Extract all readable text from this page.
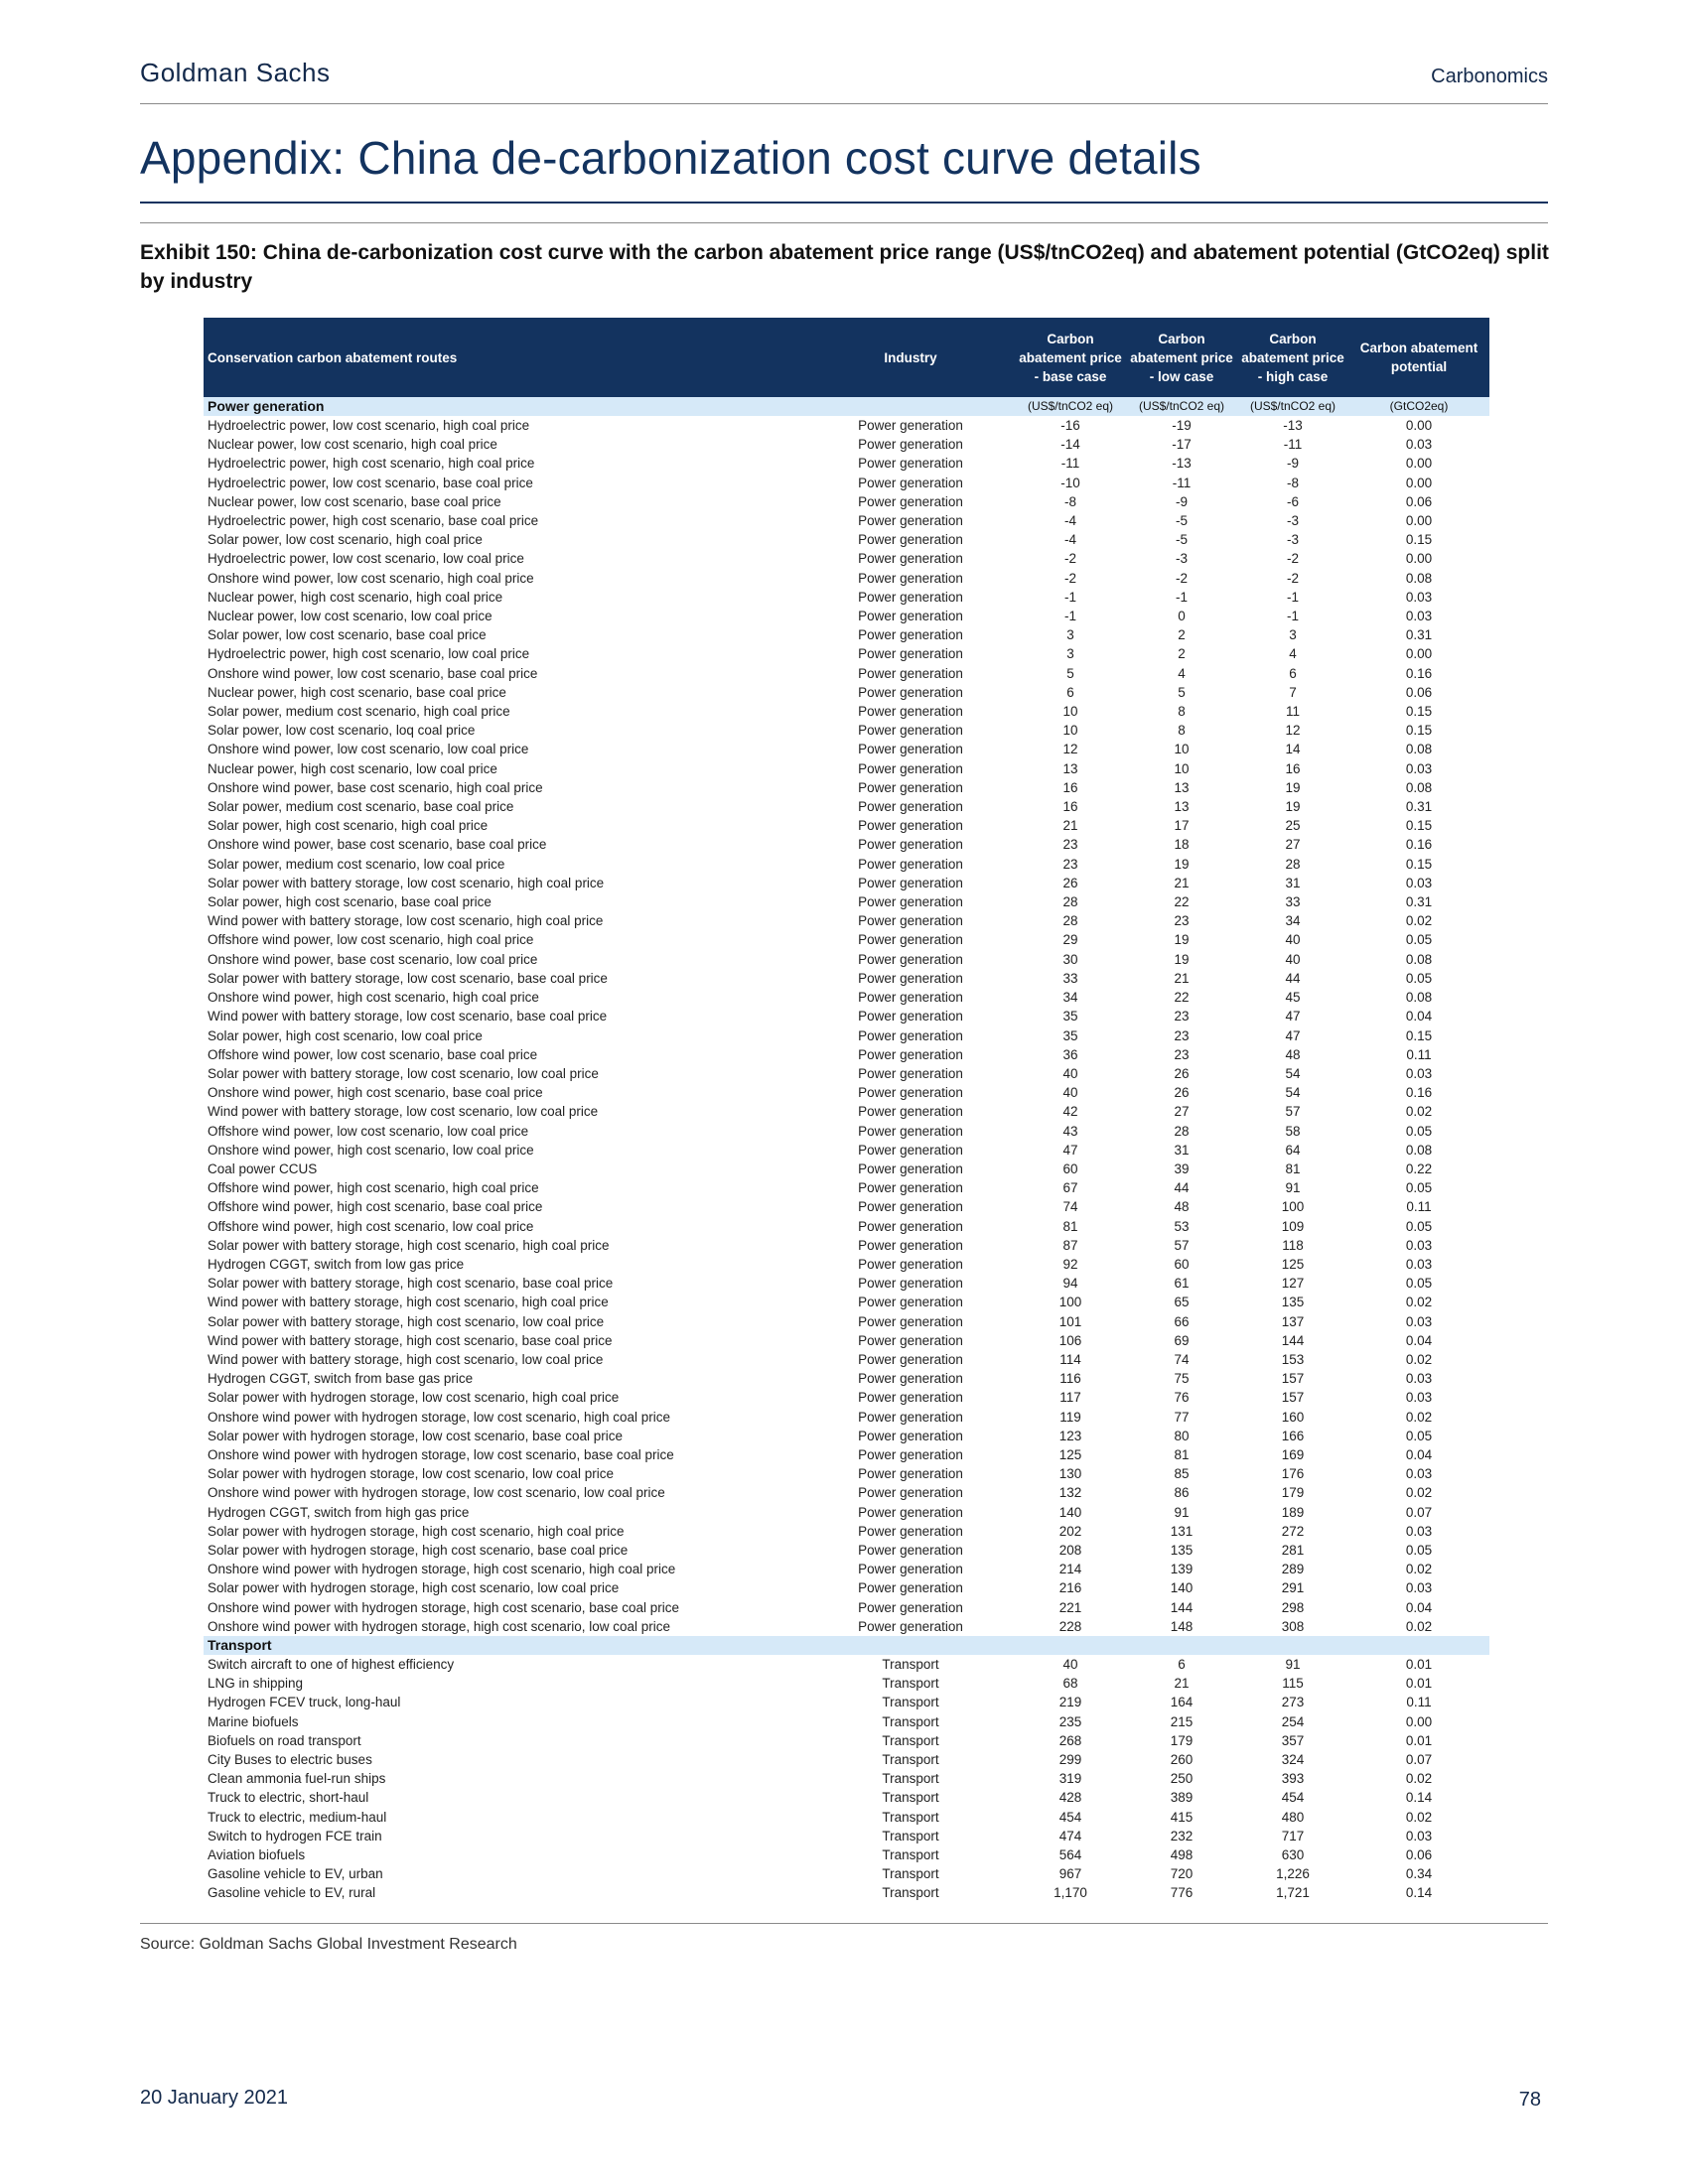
Goldman Sachs	Carbonomics
Appendix: China de-carbonization cost curve details
Exhibit 150: China de-carbonization cost curve with the carbon abatement price range (US$/tnCO2eq) and abatement potential (GtCO2eq) split by industry
Conservation carbon abatement routes	Industry	Carbon abatement price - base case	Carbon abatement price - low case	Carbon abatement price - high case	Carbon abatement potential
Power generation		(US$/tnCO2 eq)	(US$/tnCO2 eq)	(US$/tnCO2 eq)	(GtCO2eq)
Hydroelectric power, low cost scenario, high coal price	Power generation	-16	-19	-13	0.00
Nuclear power, low cost scenario, high coal price	Power generation	-14	-17	-11	0.03
Hydroelectric power, high cost scenario, high coal price	Power generation	-11	-13	-9	0.00
Hydroelectric power, low cost scenario, base coal price	Power generation	-10	-11	-8	0.00
Nuclear power, low cost scenario, base coal price	Power generation	-8	-9	-6	0.06
Hydroelectric power, high cost scenario, base coal price	Power generation	-4	-5	-3	0.00
Solar power, low cost scenario, high coal price	Power generation	-4	-5	-3	0.15
Hydroelectric power, low cost scenario, low coal price	Power generation	-2	-3	-2	0.00
Onshore wind power, low cost scenario, high coal price	Power generation	-2	-2	-2	0.08
Nuclear power, high cost scenario, high coal price	Power generation	-1	-1	-1	0.03
Nuclear power, low cost scenario, low coal price	Power generation	-1	0	-1	0.03
Solar power, low cost scenario, base coal price	Power generation	3	2	3	0.31
Hydroelectric power, high cost scenario, low coal price	Power generation	3	2	4	0.00
Onshore wind power, low cost scenario, base coal price	Power generation	5	4	6	0.16
Nuclear power, high cost scenario, base coal price	Power generation	6	5	7	0.06
Solar power, medium cost scenario, high coal price	Power generation	10	8	11	0.15
Solar power, low cost scenario, loq coal price	Power generation	10	8	12	0.15
Onshore wind power, low cost scenario, low coal price	Power generation	12	10	14	0.08
Nuclear power, high cost scenario, low coal price	Power generation	13	10	16	0.03
Onshore wind power, base cost scenario, high coal price	Power generation	16	13	19	0.08
Solar power, medium cost scenario, base coal price	Power generation	16	13	19	0.31
Solar power, high cost scenario, high coal price	Power generation	21	17	25	0.15
Onshore wind power, base cost scenario, base coal price	Power generation	23	18	27	0.16
Solar power, medium cost scenario, low coal price	Power generation	23	19	28	0.15
Solar power with battery storage, low cost scenario, high coal price	Power generation	26	21	31	0.03
Solar power, high cost scenario, base coal price	Power generation	28	22	33	0.31
Wind power with battery storage, low cost scenario, high coal price	Power generation	28	23	34	0.02
Offshore wind power, low cost scenario, high coal price	Power generation	29	19	40	0.05
Onshore wind power, base cost scenario, low coal price	Power generation	30	19	40	0.08
Solar power with battery storage, low cost scenario, base coal price	Power generation	33	21	44	0.05
Onshore wind power, high cost scenario, high coal price	Power generation	34	22	45	0.08
Wind power with battery storage, low cost scenario, base coal price	Power generation	35	23	47	0.04
Solar power, high cost scenario, low coal price	Power generation	35	23	47	0.15
Offshore wind power, low cost scenario, base coal price	Power generation	36	23	48	0.11
Solar power with battery storage, low cost scenario, low coal price	Power generation	40	26	54	0.03
Onshore wind power, high cost scenario, base coal price	Power generation	40	26	54	0.16
Wind power with battery storage, low cost scenario, low coal price	Power generation	42	27	57	0.02
Offshore wind power, low cost scenario, low coal price	Power generation	43	28	58	0.05
Onshore wind power, high cost scenario, low coal price	Power generation	47	31	64	0.08
Coal power CCUS	Power generation	60	39	81	0.22
Offshore wind power, high cost scenario, high coal price	Power generation	67	44	91	0.05
Offshore wind power, high cost scenario, base coal price	Power generation	74	48	100	0.11
Offshore wind power, high cost scenario, low coal price	Power generation	81	53	109	0.05
Solar power with battery storage, high cost scenario, high coal price	Power generation	87	57	118	0.03
Hydrogen CGGT, switch from low gas price	Power generation	92	60	125	0.03
Solar power with battery storage, high cost scenario, base coal price	Power generation	94	61	127	0.05
Wind power with battery storage, high cost scenario, high coal price	Power generation	100	65	135	0.02
Solar power with battery storage, high cost scenario, low coal price	Power generation	101	66	137	0.03
Wind power with battery storage, high cost scenario, base coal price	Power generation	106	69	144	0.04
Wind power with battery storage, high cost scenario, low coal price	Power generation	114	74	153	0.02
Hydrogen CGGT, switch from base gas price	Power generation	116	75	157	0.03
Solar power with hydrogen storage, low cost scenario, high coal price	Power generation	117	76	157	0.03
Onshore wind power with hydrogen storage, low cost scenario, high coal price	Power generation	119	77	160	0.02
Solar power with hydrogen storage, low cost scenario, base coal price	Power generation	123	80	166	0.05
Onshore wind power with hydrogen storage, low cost scenario, base coal price	Power generation	125	81	169	0.04
Solar power with hydrogen storage, low cost scenario, low coal price	Power generation	130	85	176	0.03
Onshore wind power with hydrogen storage, low cost scenario, low coal price	Power generation	132	86	179	0.02
Hydrogen CGGT, switch from high gas price	Power generation	140	91	189	0.07
Solar power with hydrogen storage, high cost scenario, high coal price	Power generation	202	131	272	0.03
Solar power with hydrogen storage, high cost scenario, base coal price	Power generation	208	135	281	0.05
Onshore wind power with hydrogen storage, high cost scenario, high coal price	Power generation	214	139	289	0.02
Solar power with hydrogen storage, high cost scenario, low coal price	Power generation	216	140	291	0.03
Onshore wind power with hydrogen storage, high cost scenario, base coal price	Power generation	221	144	298	0.04
Onshore wind power with hydrogen storage, high cost scenario, low coal price	Power generation	228	148	308	0.02
Transport					
Switch aircraft to one of highest efficiency	Transport	40	6	91	0.01
LNG in shipping	Transport	68	21	115	0.01
Hydrogen FCEV truck, long-haul	Transport	219	164	273	0.11
Marine biofuels	Transport	235	215	254	0.00
Biofuels on road transport	Transport	268	179	357	0.01
City Buses to electric buses	Transport	299	260	324	0.07
Clean ammonia fuel-run ships	Transport	319	250	393	0.02
Truck to electric, short-haul	Transport	428	389	454	0.14
Truck to electric, medium-haul	Transport	454	415	480	0.02
Switch to hydrogen FCE train	Transport	474	232	717	0.03
Aviation biofuels	Transport	564	498	630	0.06
Gasoline vehicle to EV, urban	Transport	967	720	1,226	0.34
Gasoline vehicle to EV, rural	Transport	1,170	776	1,721	0.14
Source: Goldman Sachs Global Investment Research
20 January 2021	78
